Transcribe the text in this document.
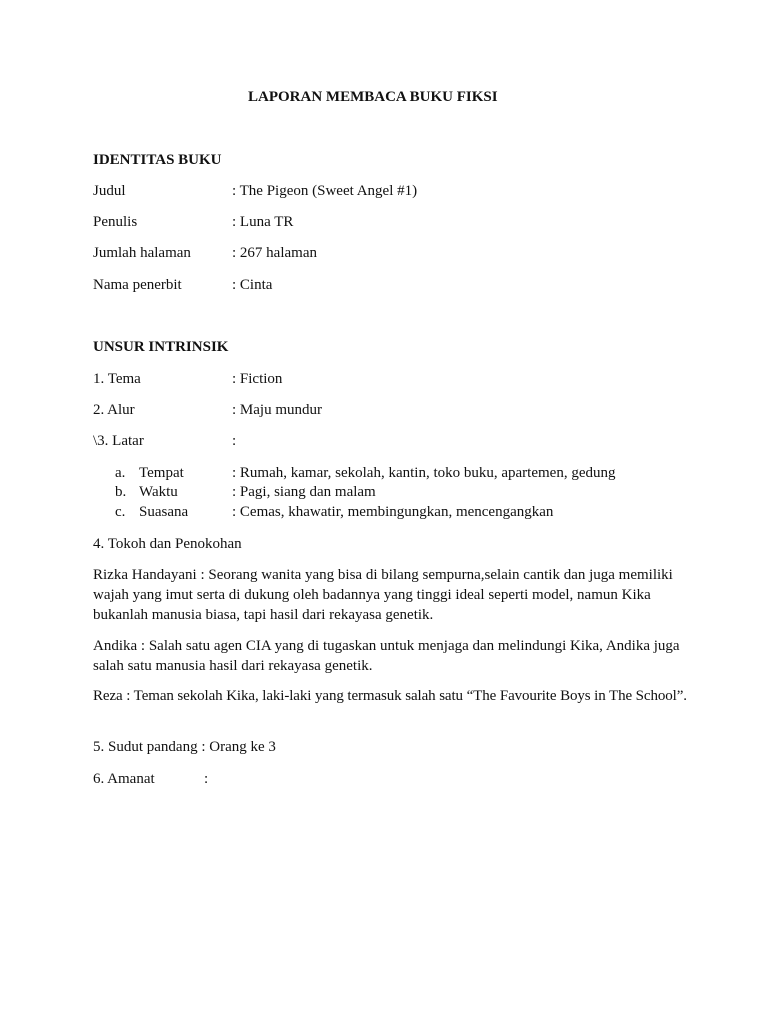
LAPORAN MEMBACA BUKU FIKSI
IDENTITAS BUKU
Judul	: The Pigeon (Sweet Angel #1)
Penulis	: Luna TR
Jumlah halaman	: 267 halaman
Nama penerbit	: Cinta
UNSUR INTRINSIK
1. Tema	: Fiction
2. Alur	: Maju mundur
\3. Latar	:
a. Tempat	: Rumah, kamar, sekolah, kantin, toko buku, apartemen, gedung
b. Waktu	: Pagi, siang dan malam
c. Suasana	: Cemas, khawatir, membingungkan, mencengangkan
4. Tokoh dan Penokohan
Rizka Handayani : Seorang wanita yang bisa di bilang sempurna,selain cantik dan juga memiliki wajah yang imut serta di dukung oleh badannya yang tinggi ideal seperti model, namun Kika bukanlah manusia biasa, tapi hasil dari rekayasa genetik.
Andika : Salah satu agen CIA yang di tugaskan untuk menjaga dan melindungi Kika, Andika juga salah satu manusia hasil dari rekayasa genetik.
Reza : Teman sekolah Kika, laki-laki yang termasuk salah satu “The Favourite Boys in The School”.
5. Sudut pandang : Orang ke 3
6. Amanat	:
